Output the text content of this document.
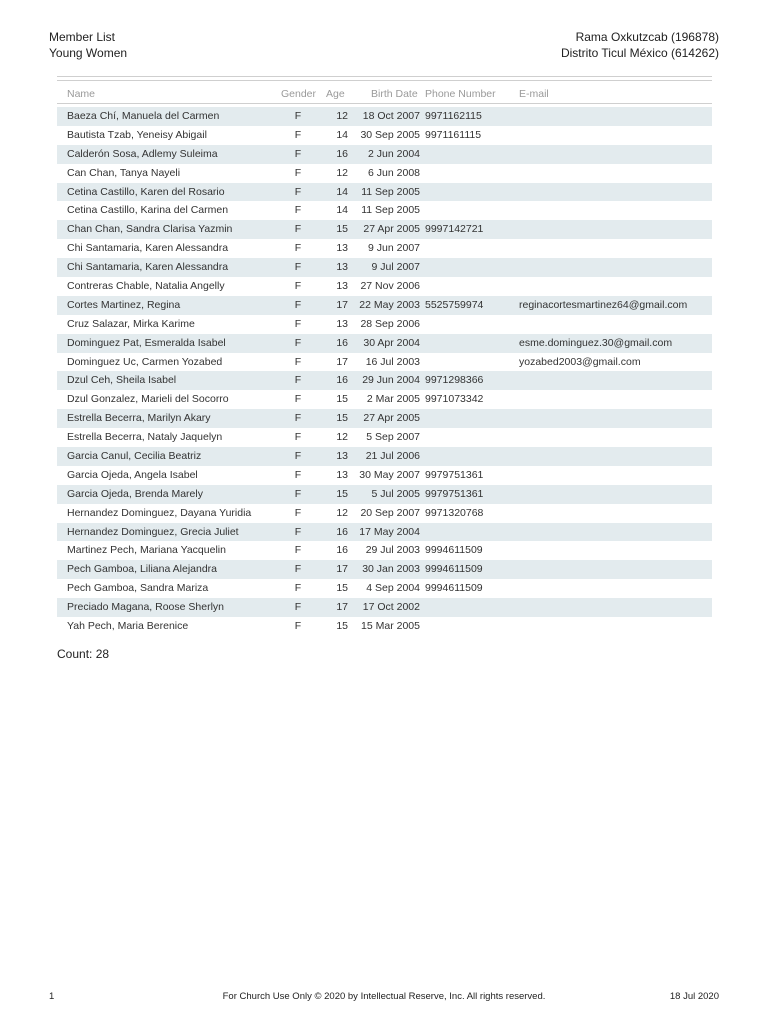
Member List
Young Women
Rama Oxkutzcab (196878)
Distrito Ticul México (614262)
Name	Gender Age	Birth Date Phone Number E-mail
Baeza Chí, Manuela del Carmen	F	12	18 Oct 2007 9971162115
Bautista Tzab, Yeneisy Abigail	F	14	30 Sep 2005 9971161115
Calderón Sosa, Adlemy Suleima	F	16	2 Jun 2004
Can Chan, Tanya Nayeli	F	12	6 Jun 2008
Cetina Castillo, Karen del Rosario	F	14	11 Sep 2005
Cetina Castillo, Karina del Carmen	F	14	11 Sep 2005
Chan Chan, Sandra Clarisa Yazmin	F	15	27 Apr 2005 9997142721
Chi Santamaria, Karen Alessandra	F	13	9 Jun 2007
Chi Santamaria, Karen Alessandra	F	13	9 Jul 2007
Contreras Chable, Natalia Angelly	F	13	27 Nov 2006
Cortes Martinez, Regina	F	17	22 May 2003 5525759974	reginacortesmartinez64@gmail.com
Cruz Salazar, Mirka Karime	F	13	28 Sep 2006
Dominguez Pat, Esmeralda Isabel	F	16	30 Apr 2004	esme.dominguez.30@gmail.com
Dominguez Uc, Carmen Yozabed	F	17	16 Jul 2003	yozabed2003@gmail.com
Dzul Ceh, Sheila Isabel	F	16	29 Jun 2004 9971298366
Dzul Gonzalez, Marieli del Socorro	F	15	2 Mar 2005 9971073342
Estrella Becerra, Marilyn Akary	F	15	27 Apr 2005
Estrella Becerra, Nataly Jaquelyn	F	12	5 Sep 2007
Garcia Canul, Cecilia Beatriz	F	13	21 Jul 2006
Garcia Ojeda, Angela Isabel	F	13	30 May 2007 9979751361
Garcia Ojeda, Brenda Marely	F	15	5 Jul 2005 9979751361
Hernandez Dominguez, Dayana Yuridia	F	12	20 Sep 2007 9971320768
Hernandez Dominguez, Grecia Juliet	F	16	17 May 2004
Martinez Pech, Mariana Yacquelin	F	16	29 Jul 2003 9994611509
Pech Gamboa, Liliana Alejandra	F	17	30 Jan 2003 9994611509
Pech Gamboa, Sandra Mariza	F	15	4 Sep 2004 9994611509
Preciado Magana, Roose Sherlyn	F	17	17 Oct 2002
Yah Pech, Maria Berenice	F	15	15 Mar 2005
Count: 28
1	For Church Use Only © 2020 by Intellectual Reserve, Inc. All rights reserved.	18 Jul 2020
